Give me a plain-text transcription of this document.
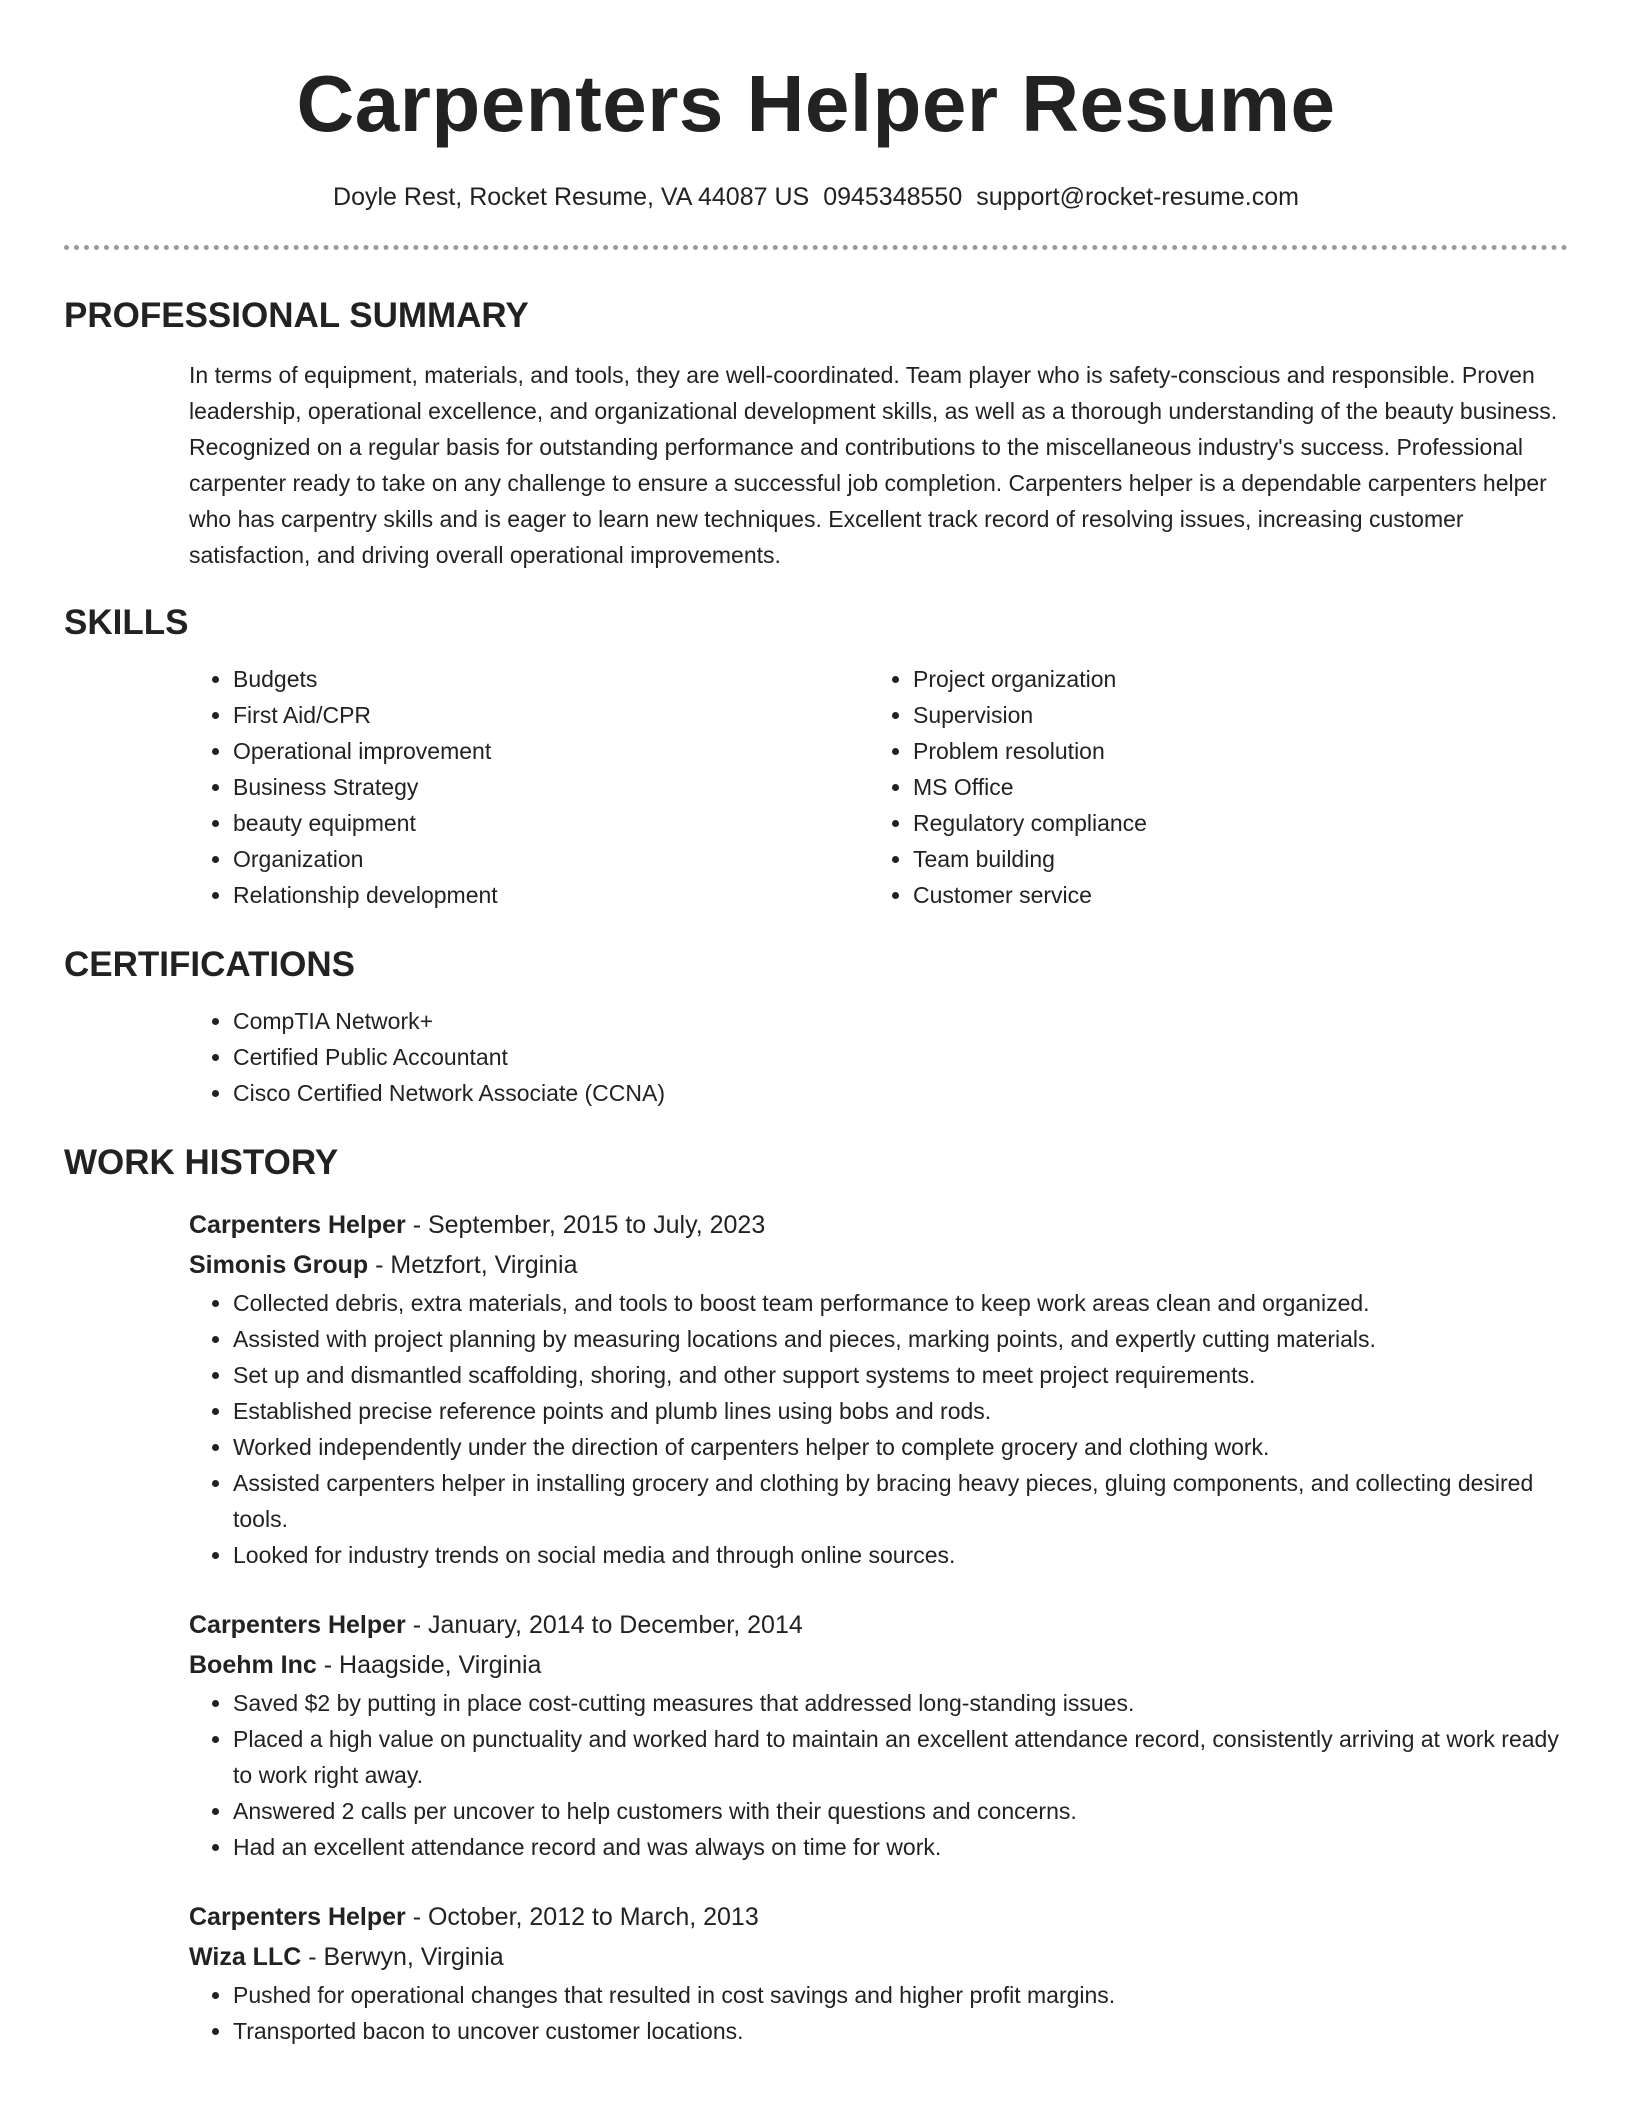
Carpenters Helper Resume
Doyle Rest, Rocket Resume, VA 44087 US 0945348550 support@rocket-resume.com
PROFESSIONAL SUMMARY
In terms of equipment, materials, and tools, they are well-coordinated. Team player who is safety-conscious and responsible. Proven leadership, operational excellence, and organizational development skills, as well as a thorough understanding of the beauty business. Recognized on a regular basis for outstanding performance and contributions to the miscellaneous industry's success. Professional carpenter ready to take on any challenge to ensure a successful job completion. Carpenters helper is a dependable carpenters helper who has carpentry skills and is eager to learn new techniques. Excellent track record of resolving issues, increasing customer satisfaction, and driving overall operational improvements.
SKILLS
• Budgets
• First Aid/CPR
• Operational improvement
• Business Strategy
• beauty equipment
• Organization
• Relationship development
• Project organization
• Supervision
• Problem resolution
• MS Office
• Regulatory compliance
• Team building
• Customer service
CERTIFICATIONS
• CompTIA Network+
• Certified Public Accountant
• Cisco Certified Network Associate (CCNA)
WORK HISTORY
Carpenters Helper - September, 2015 to July, 2023
Simonis Group - Metzfort, Virginia
• Collected debris, extra materials, and tools to boost team performance to keep work areas clean and organized.
• Assisted with project planning by measuring locations and pieces, marking points, and expertly cutting materials.
• Set up and dismantled scaffolding, shoring, and other support systems to meet project requirements.
• Established precise reference points and plumb lines using bobs and rods.
• Worked independently under the direction of carpenters helper to complete grocery and clothing work.
• Assisted carpenters helper in installing grocery and clothing by bracing heavy pieces, gluing components, and collecting desired tools.
• Looked for industry trends on social media and through online sources.
Carpenters Helper - January, 2014 to December, 2014
Boehm Inc - Haagside, Virginia
• Saved $2 by putting in place cost-cutting measures that addressed long-standing issues.
• Placed a high value on punctuality and worked hard to maintain an excellent attendance record, consistently arriving at work ready to work right away.
• Answered 2 calls per uncover to help customers with their questions and concerns.
• Had an excellent attendance record and was always on time for work.
Carpenters Helper - October, 2012 to March, 2013
Wiza LLC - Berwyn, Virginia
• Pushed for operational changes that resulted in cost savings and higher profit margins.
• Transported bacon to uncover customer locations.
